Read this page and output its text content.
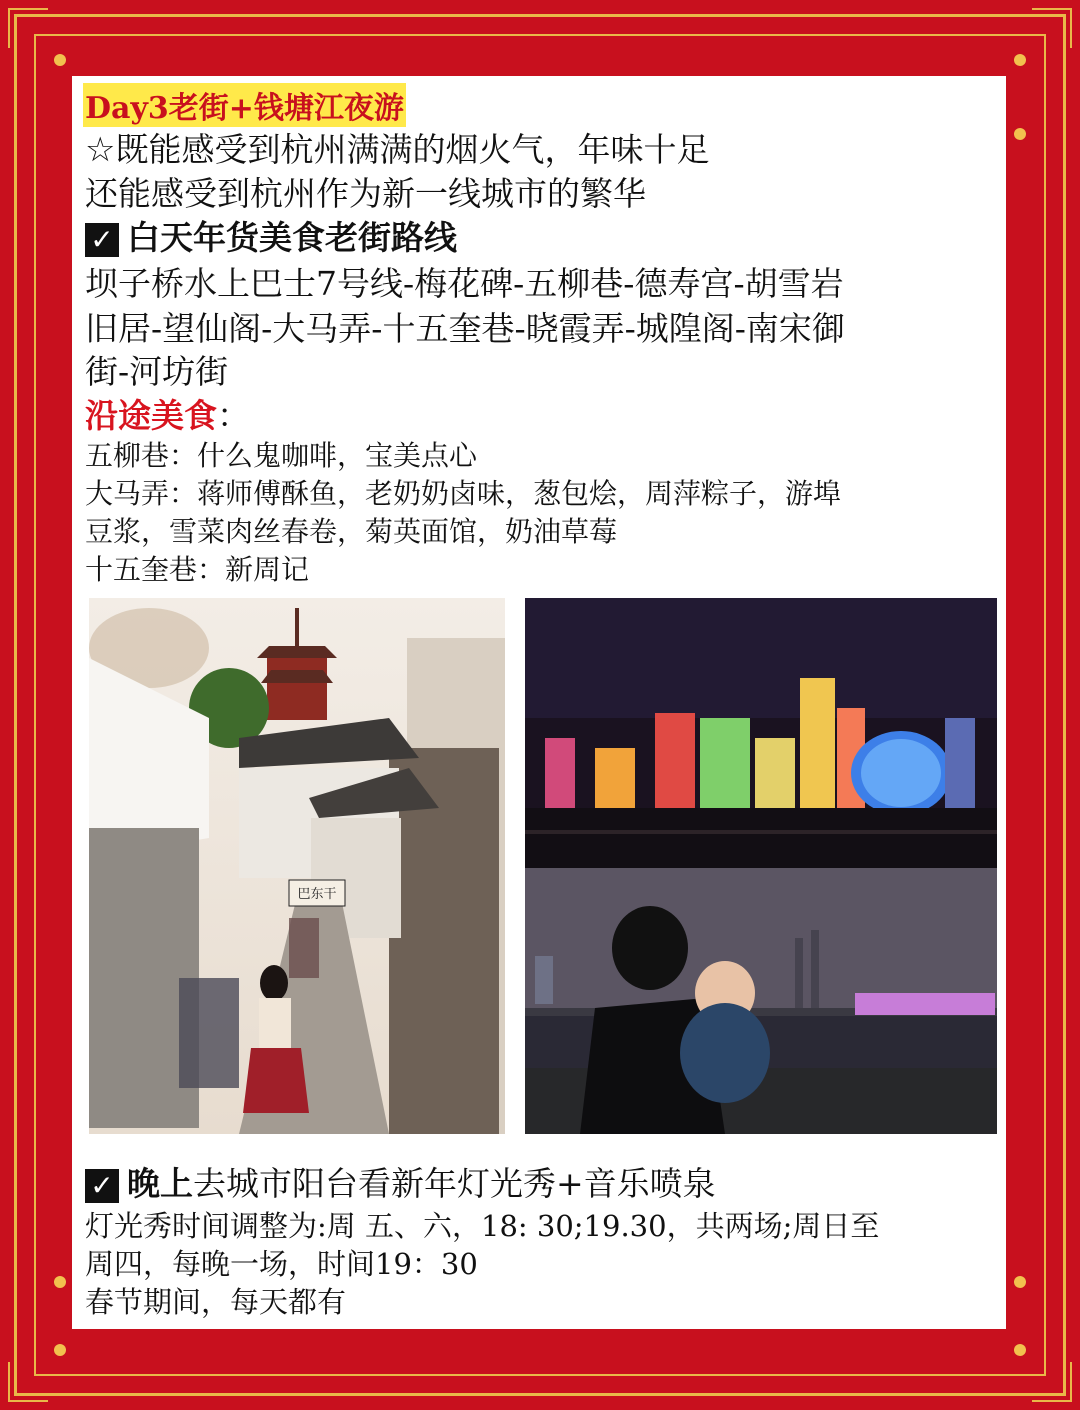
Day3老街+钱塘江夜游
☆既能感受到杭州满满的烟火气，年味十足
还能感受到杭州作为新一线城市的繁华
✓ 白天年货美食老街路线
坝子桥水上巴士7号线-梅花碑-五柳巷-德寿宫-胡雪岩
旧居-望仙阁-大马弄-十五奎巷-晓霞弄-城隍阁-南宋御
街-河坊街
沿途美食：
五柳巷：什么鬼咖啡，宝美点心
大马弄：蒋师傅酥鱼，老奶奶卤味，葱包烩，周萍粽子，游埠
豆浆，雪菜肉丝春卷，菊英面馆，奶油草莓
十五奎巷：新周记
巴东干
✓ 晚上去城市阳台看新年灯光秀+音乐喷泉
灯光秀时间调整为:周 五、六，18: 30;19.30，共两场;周日至
周四，每晚一场，时间19：30
春节期间，每天都有
